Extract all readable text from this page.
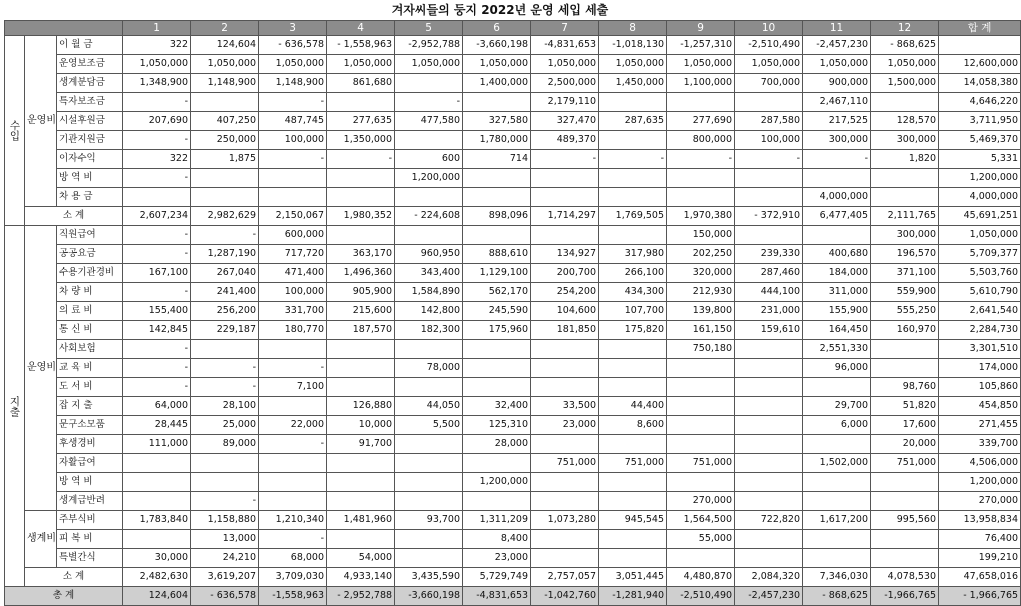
겨자씨들의 둥지 2022년 운영 세입 세출
			1	2	3	4	5	6	7	8	9	10	11	12	합 계
수입	운영비	이 월 금	322	124,604	- 636,578	- 1,558,963	-2,952,788	-3,660,198	-4,831,653	-1,018,130	-1,257,310	-2,510,490	-2,457,230	- 868,625	
		운영보조금	1,050,000	1,050,000	1,050,000	1,050,000	1,050,000	1,050,000	1,050,000	1,050,000	1,050,000	1,050,000	1,050,000	1,050,000	12,600,000
		생계분담금	1,348,900	1,148,900	1,148,900	861,680		1,400,000	2,500,000	1,450,000	1,100,000	700,000	900,000	1,500,000	14,058,380
		특자보조금	-		-		-		2,179,110				2,467,110		4,646,220
		시설후원금	207,690	407,250	487,745	277,635	477,580	327,580	327,470	287,635	277,690	287,580	217,525	128,570	3,711,950
		기관지원금	-	250,000	100,000	1,350,000		1,780,000	489,370		800,000	100,000	300,000	300,000	5,469,370
		이자수익	322	1,875	-	-	600	714	-	-	-	-	-	1,820	5,331
		방 역 비	-				1,200,000								1,200,000
		차 용 금											4,000,000		4,000,000
	소 계		2,607,234	2,982,629	2,150,067	1,980,352	- 224,608	898,096	1,714,297	1,769,505	1,970,380	- 372,910	6,477,405	2,111,765	45,691,251
지출	운영비	직원급여	-	-	600,000						150,000			300,000	1,050,000
		공공요금	-	1,287,190	717,720	363,170	960,950	888,610	134,927	317,980	202,250	239,330	400,680	196,570	5,709,377
		수용기관경비	167,100	267,040	471,400	1,496,360	343,400	1,129,100	200,700	266,100	320,000	287,460	184,000	371,100	5,503,760
		차 량 비	-	241,400	100,000	905,900	1,584,890	562,170	254,200	434,300	212,930	444,100	311,000	559,900	5,610,790
		의 료 비	155,400	256,200	331,700	215,600	142,800	245,590	104,600	107,700	139,800	231,000	155,900	555,250	2,641,540
		통 신 비	142,845	229,187	180,770	187,570	182,300	175,960	181,850	175,820	161,150	159,610	164,450	160,970	2,284,730
		사회보험	-								750,180		2,551,330		3,301,510
		교 육 비	-	-	-		78,000						96,000		174,000
		도 서 비	-	-	7,100									98,760	105,860
		잡 지 출	64,000	28,100		126,880	44,050	32,400	33,500	44,400			29,700	51,820	454,850
		문구소모품	28,445	25,000	22,000	10,000	5,500	125,310	23,000	8,600			6,000	17,600	271,455
		후생경비	111,000	89,000	-	91,700		28,000						20,000	339,700
		자활급여							751,000	751,000	751,000		1,502,000	751,000	4,506,000
		방 역 비						1,200,000							1,200,000
		생계급반려		-							270,000				270,000
	생계비	주부식비	1,783,840	1,158,880	1,210,340	1,481,960	93,700	1,311,209	1,073,280	945,545	1,564,500	722,820	1,617,200	995,560	13,958,834
		피 복 비		13,000	-			8,400			55,000				76,400
		특별간식	30,000	24,210	68,000	54,000		23,000							199,210
	소 계		2,482,630	3,619,207	3,709,030	4,933,140	3,435,590	5,729,749	2,757,057	3,051,445	4,480,870	2,084,320	7,346,030	4,078,530	47,658,016
총 계			124,604	- 636,578	-1,558,963	- 2,952,788	-3,660,198	-4,831,653	-1,042,760	-1,281,940	-2,510,490	-2,457,230	- 868,625	-1,966,765	- 1,966,765
